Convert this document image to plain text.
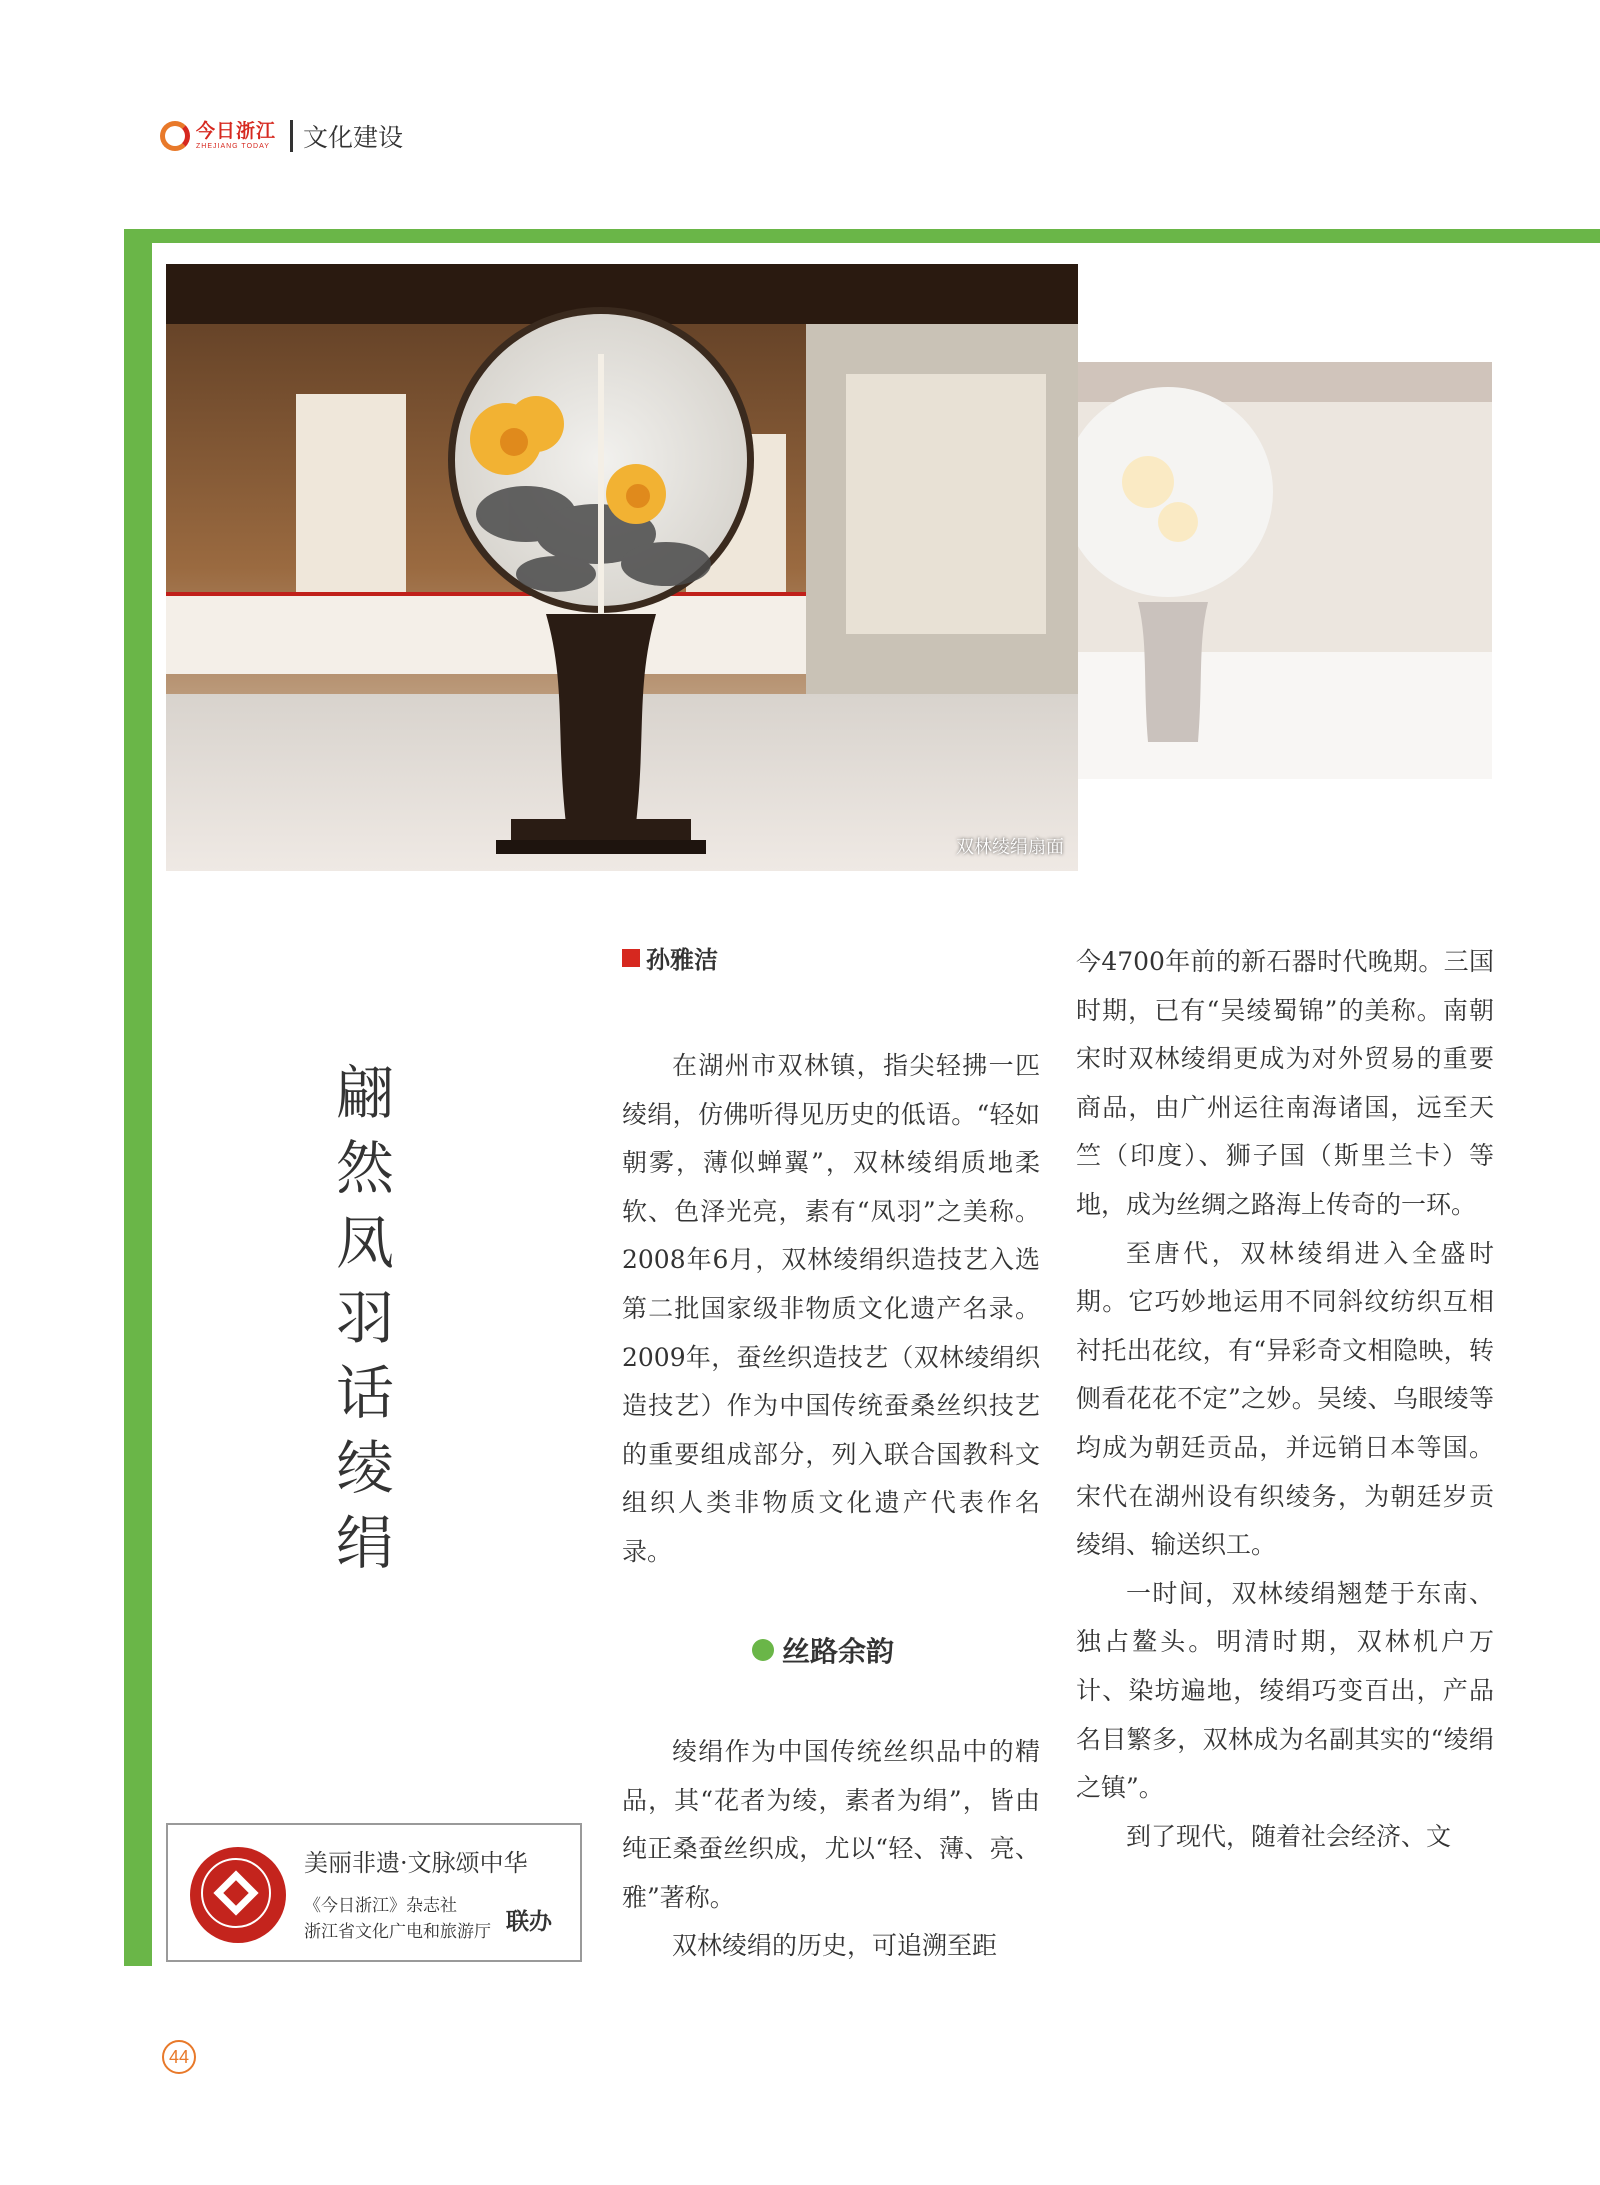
今日浙江
ZHEJIANG TODAY 文化建设
双林绫绢扇面
翩
然
凤
羽
话
绫
绢
孙雅洁

在湖州市双林镇，指尖轻拂一匹绫绢，仿佛听得见历史的低语。“轻如朝雾，薄似蝉翼”，双林绫绢质地柔软、色泽光亮，素有“凤羽”之美称。2008年6月，双林绫绢织造技艺入选第二批国家级非物质文化遗产名录。2009年，蚕丝织造技艺（双林绫绢织造技艺）作为中国传统蚕桑丝织技艺的重要组成部分，列入联合国教科文组织人类非物质文化遗产代表作名录。

丝路余韵

绫绢作为中国传统丝织品中的精品，其“花者为绫，素者为绢”，皆由纯正桑蚕丝织成，尤以“轻、薄、亮、雅”著称。

双林绫绢的历史，可追溯至距

今4700年前的新石器时代晚期。三国时期，已有“吴绫蜀锦”的美称。南朝宋时双林绫绢更成为对外贸易的重要商品，由广州运往南海诸国，远至天竺（印度）、狮子国（斯里兰卡）等地，成为丝绸之路海上传奇的一环。

至唐代，双林绫绢进入全盛时期。它巧妙地运用不同斜纹纺织互相衬托出花纹，有“异彩奇文相隐映，转侧看花花不定”之妙。吴绫、乌眼绫等均成为朝廷贡品，并远销日本等国。宋代在湖州设有织绫务，为朝廷岁贡绫绢、输送织工。

一时间，双林绫绢翘楚于东南、独占鳌头。明清时期，双林机户万计、染坊遍地，绫绢巧变百出，产品名目繁多，双林成为名副其实的“绫绢之镇”。

到了现代，随着社会经济、文

美丽非遗·文脉颂中华
《今日浙江》杂志社
浙江省文化广电和旅游厅 联办
44
